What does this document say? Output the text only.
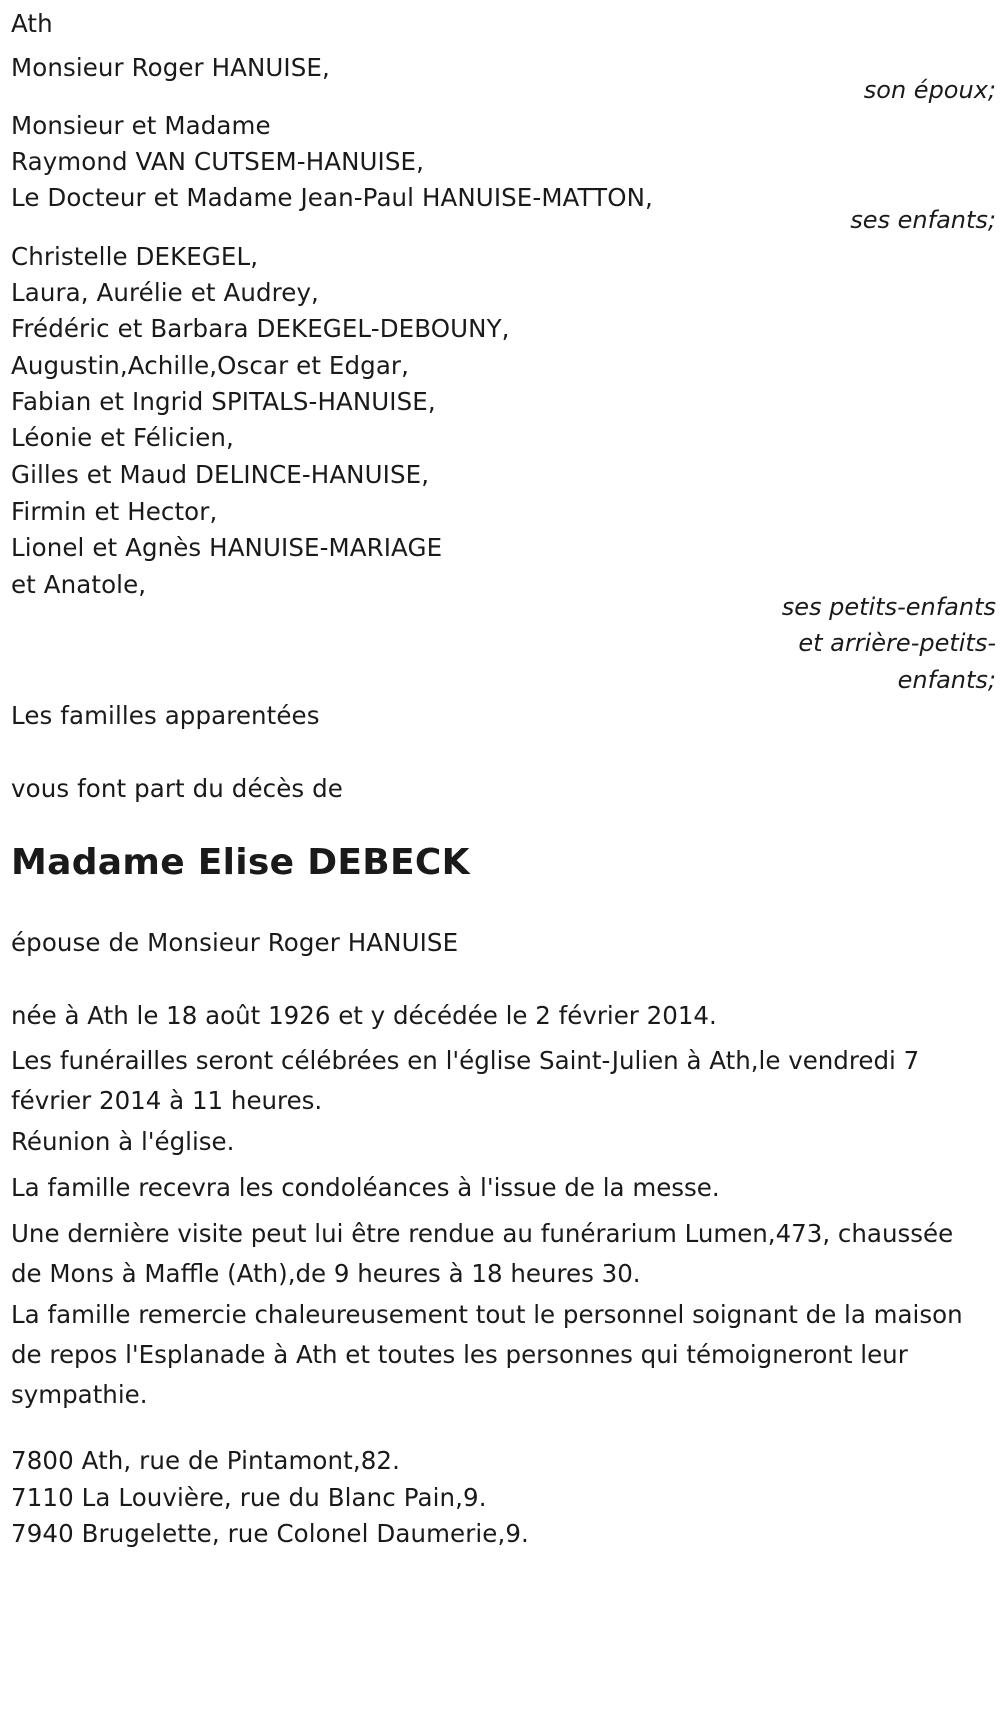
Ath
Monsieur Roger HANUISE,
son époux;
Monsieur et Madame
Raymond VAN CUTSEM-HANUISE,
Le Docteur et Madame Jean-Paul HANUISE-MATTON,
ses enfants;
Christelle DEKEGEL,
Laura, Aurélie et Audrey,
Frédéric et Barbara DEKEGEL-DEBOUNY,
Augustin,Achille,Oscar et Edgar,
Fabian et Ingrid SPITALS-HANUISE,
Léonie et Félicien,
Gilles et Maud DELINCE-HANUISE,
Firmin et Hector,
Lionel et Agnès HANUISE-MARIAGE
et Anatole,
ses petits-enfants
et arrière-petits-
enfants;
Les familles apparentées
vous font part du décès de
Madame Elise DEBECK
épouse de Monsieur Roger HANUISE
née à Ath le 18 août 1926 et y décédée le 2 février 2014.
Les funérailles seront célébrées en l'église Saint-Julien à Ath,le vendredi 7 février 2014 à 11 heures.
Réunion à l'église.
La famille recevra les condoléances à l'issue de la messe.
Une dernière visite peut lui être rendue au funérarium Lumen,473, chaussée de Mons à Maffle (Ath),de 9 heures à 18 heures 30.
La famille remercie chaleureusement tout le personnel soignant de la maison de repos l'Esplanade à Ath et toutes les personnes qui témoigneront leur sympathie.
7800 Ath, rue de Pintamont,82.
7110 La Louvière, rue du Blanc Pain,9.
7940 Brugelette, rue Colonel Daumerie,9.
